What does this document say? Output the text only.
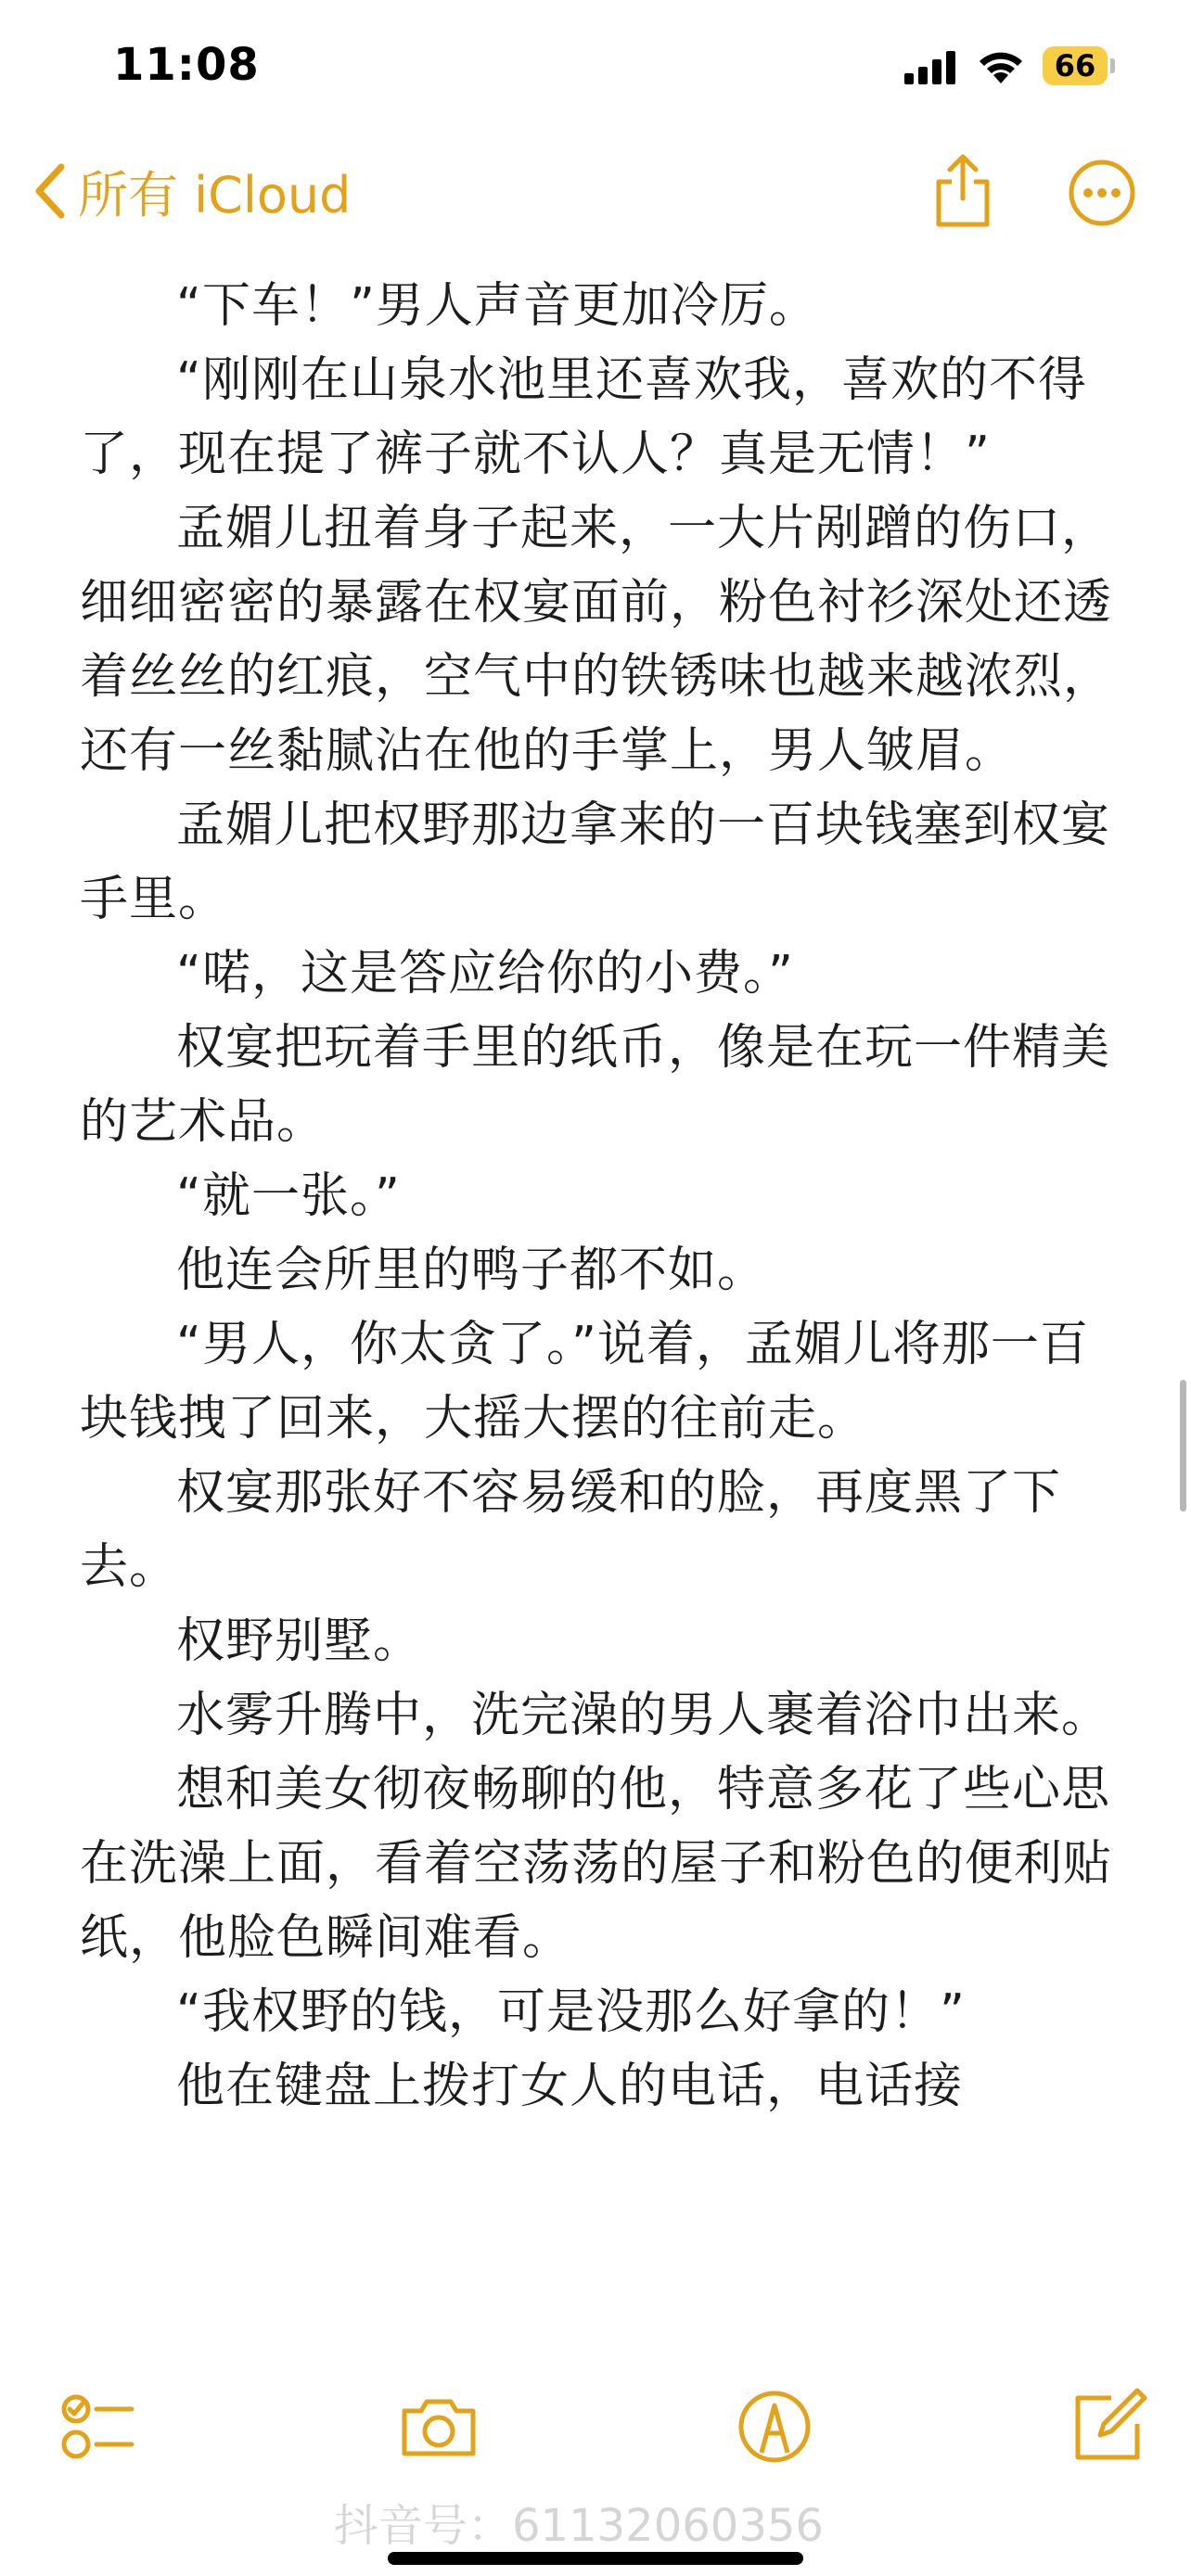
11:08	66
所有 iCloud

“下车！”男人声音更加冷厉。

“刚刚在山泉水池里还喜欢我，喜欢的不得了，现在提了裤子就不认人？真是无情！”

孟媚儿扭着身子起来，一大片剐蹭的伤口，细细密密的暴露在权宴面前，粉色衬衫深处还透着丝丝的红痕，空气中的铁锈味也越来越浓烈，还有一丝黏腻沾在他的手掌上，男人皱眉。

孟媚儿把权野那边拿来的一百块钱塞到权宴手里。

“喏，这是答应给你的小费。”

权宴把玩着手里的纸币，像是在玩一件精美的艺术品。

“就一张。”

他连会所里的鸭子都不如。

“男人，你太贪了。”说着，孟媚儿将那一百块钱拽了回来，大摇大摆的往前走。

权宴那张好不容易缓和的脸，再度黑了下去。

权野别墅。

水雾升腾中，洗完澡的男人裹着浴巾出来。

想和美女彻夜畅聊的他，特意多花了些心思在洗澡上面，看着空荡荡的屋子和粉色的便利贴纸，他脸色瞬间难看。

“我权野的钱，可是没那么好拿的！”

他在键盘上拨打女人的电话，电话接

抖音号：61132060356
